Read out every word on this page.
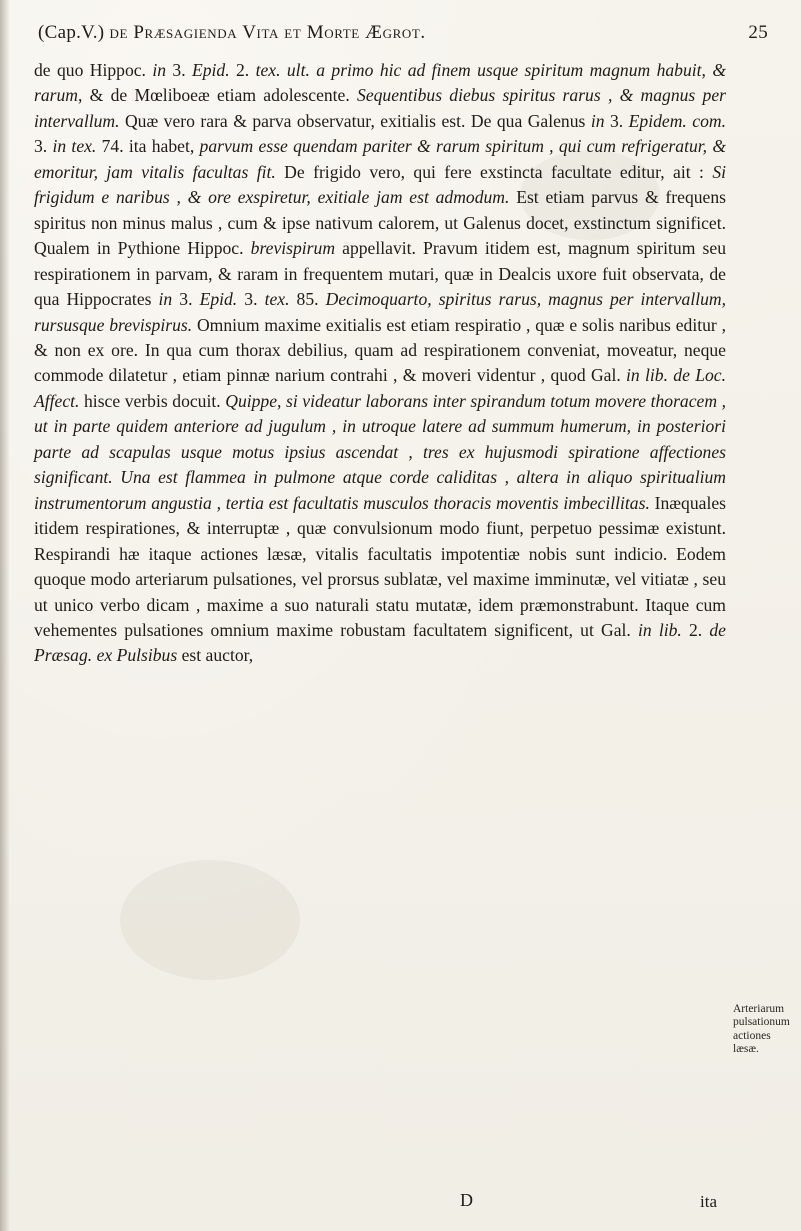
(Cap.V.) de Præsagienda Vita et Morte Ægrot.	25

de quo Hippoc. in 3. Epid. 2. tex. ult. a primo hic ad finem usque spiritum magnum habuit, & rarum, & de Mœliboeæ etiam adolescente. Sequentibus diebus spiritus rarus , & magnus per intervallum. Quæ vero rara & parva observatur, exitialis est. De qua Galenus in 3. Epidem. com. 3. in tex. 74. ita habet, parvum esse quendam pariter & rarum spiritum , qui cum refrigeratur, & emoritur, jam vitalis facultas fit. De frigido vero, qui fere exstincta facultate editur, ait : Si frigidum e naribus , & ore exspiretur, exitiale jam est admodum. Est etiam parvus & frequens spiritus non minus malus , cum & ipse nativum calorem, ut Galenus docet, exstinctum significet. Qualem in Pythione Hippoc. brevispirum appellavit. Pravum itidem est, magnum spiritum seu respirationem in parvam, & raram in frequentem mutari, quæ in Dealcis uxore fuit observata, de qua Hippocrates in 3. Epid. 3. tex. 85. Decimoquarto, spiritus rarus, magnus per intervallum, rursusque brevispirus. Omnium maxime exitialis est etiam respiratio , quæ e solis naribus editur , & non ex ore. In qua cum thorax debilius, quam ad respirationem conveniat, moveatur, neque commode dilatetur , etiam pinnæ narium contrahi , & moveri videntur , quod Gal. in lib. de Loc. Affect. hisce verbis docuit. Quippe, si videatur laborans inter spirandum totum movere thoracem , ut in parte quidem anteriore ad jugulum , in utroque latere ad summum humerum, in posteriori parte ad scapulas usque motus ipsius ascendat , tres ex hujusmodi spiratione affectiones significant. Una est flammea in pulmone atque corde caliditas , altera in aliquo spiritualium instrumentorum angustia , tertia est facultatis musculos thoracis moventis imbecillitas. Inæquales itidem respirationes, & interruptæ , quæ convulsionum modo fiunt, perpetuo pessimæ existunt. Respirandi hæ itaque actiones læsæ, vitalis facultatis impotentiæ nobis sunt indicio. Eodem quoque modo arteriarum pulsationes, vel prorsus sublatæ, vel maxime imminutæ, vel vitiatæ , seu ut unico verbo dicam , maxime a suo naturali statu mutatæ, idem præmonstrabunt. Itaque cum vehementes pulsationes omnium maxime robustam facultatem significent, ut Gal. in lib. 2. de Præsag. ex Pulsibus est auctor,

Arteriarum pulsationum actiones læsæ.
D	ita
